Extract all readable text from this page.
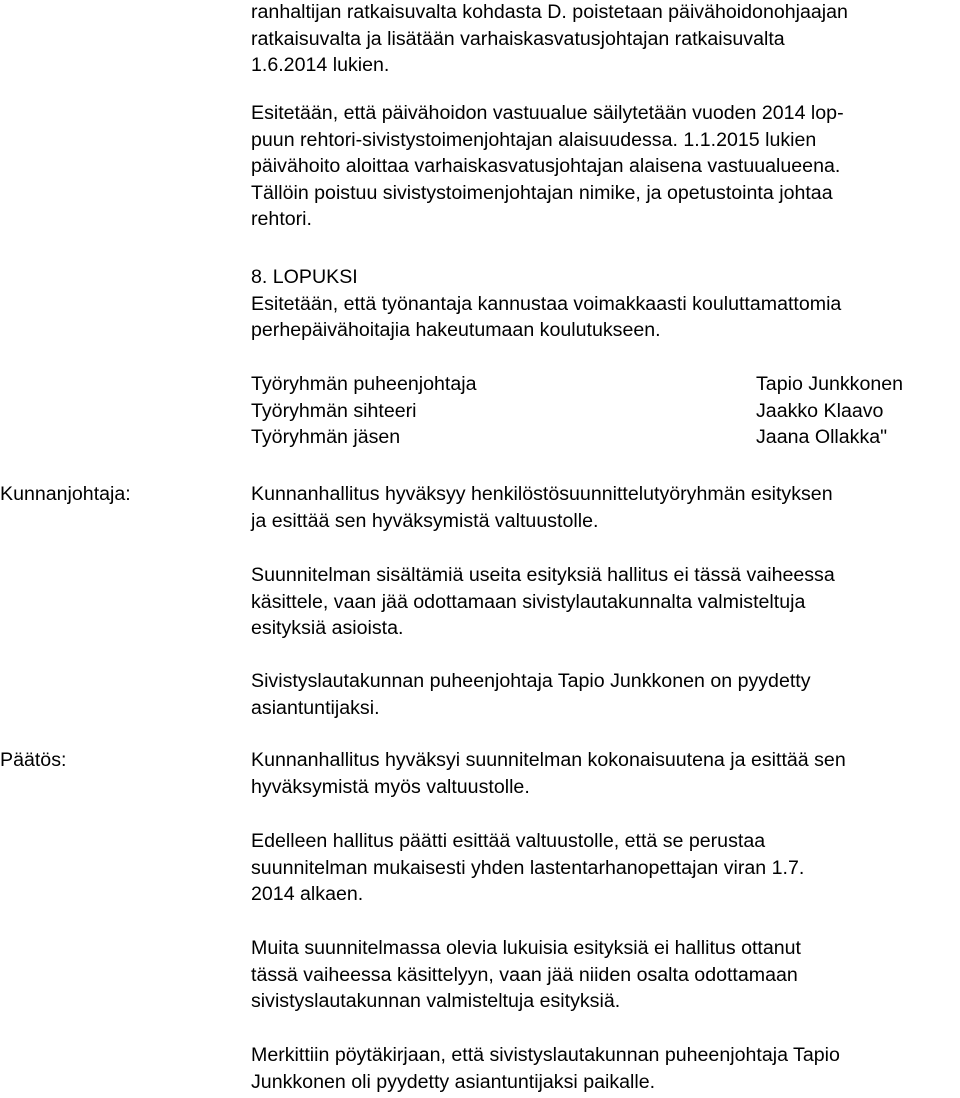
ranhaltijan ratkaisuvalta kohdasta D. poistetaan päivähoidonohjaajan
ratkaisuvalta ja lisätään varhaiskasvatusjohtajan ratkaisuvalta
1.6.2014 lukien.

Esitetään, että päivähoidon vastuualue säilytetään vuoden 2014 lop-
puun rehtori-sivistystoimenjohtajan alaisuudessa. 1.1.2015 lukien
päivähoito aloittaa varhaiskasvatusjohtajan alaisena vastuualueena.
Tällöin poistuu sivistystoimenjohtajan nimike, ja opetustointa johtaa
rehtori.

8. LOPUKSI

Esitetään, että työnantaja kannustaa voimakkaasti kouluttamattomia
perhepäivähoitajia hakeutumaan koulutukseen.

Työryhmän puheenjohtaja	Tapio Junkkonen
Työryhmän sihteeri	Jaakko Klaavo
Työryhmän jäsen	Jaana Ollakka"

Kunnanjohtaja:	Kunnanhallitus hyväksyy henkilöstösuunnittelutyöryhmän esityksen
ja esittää sen hyväksymistä valtuustolle.

Suunnitelman sisältämiä useita esityksiä hallitus ei tässä vaiheessa
käsittele, vaan jää odottamaan sivistylautakunnalta valmisteltuja
esityksiä asioista.

Sivistyslautakunnan puheenjohtaja Tapio Junkkonen on pyydetty
asiantuntijaksi.

Päätös:	Kunnanhallitus hyväksyi suunnitelman kokonaisuutena ja esittää sen
hyväksymistä myös valtuustolle.

Edelleen hallitus päätti esittää valtuustolle, että se perustaa
suunnitelman mukaisesti yhden lastentarhanopettajan viran 1.7.
2014 alkaen.

Muita suunnitelmassa olevia lukuisia esityksiä ei hallitus ottanut
tässä vaiheessa käsittelyyn, vaan jää niiden osalta odottamaan
sivistyslautakunnan valmisteltuja esityksiä.

Merkittiin pöytäkirjaan, että sivistyslautakunnan puheenjohtaja Tapio
Junkkonen oli pyydetty asiantuntijaksi paikalle.
